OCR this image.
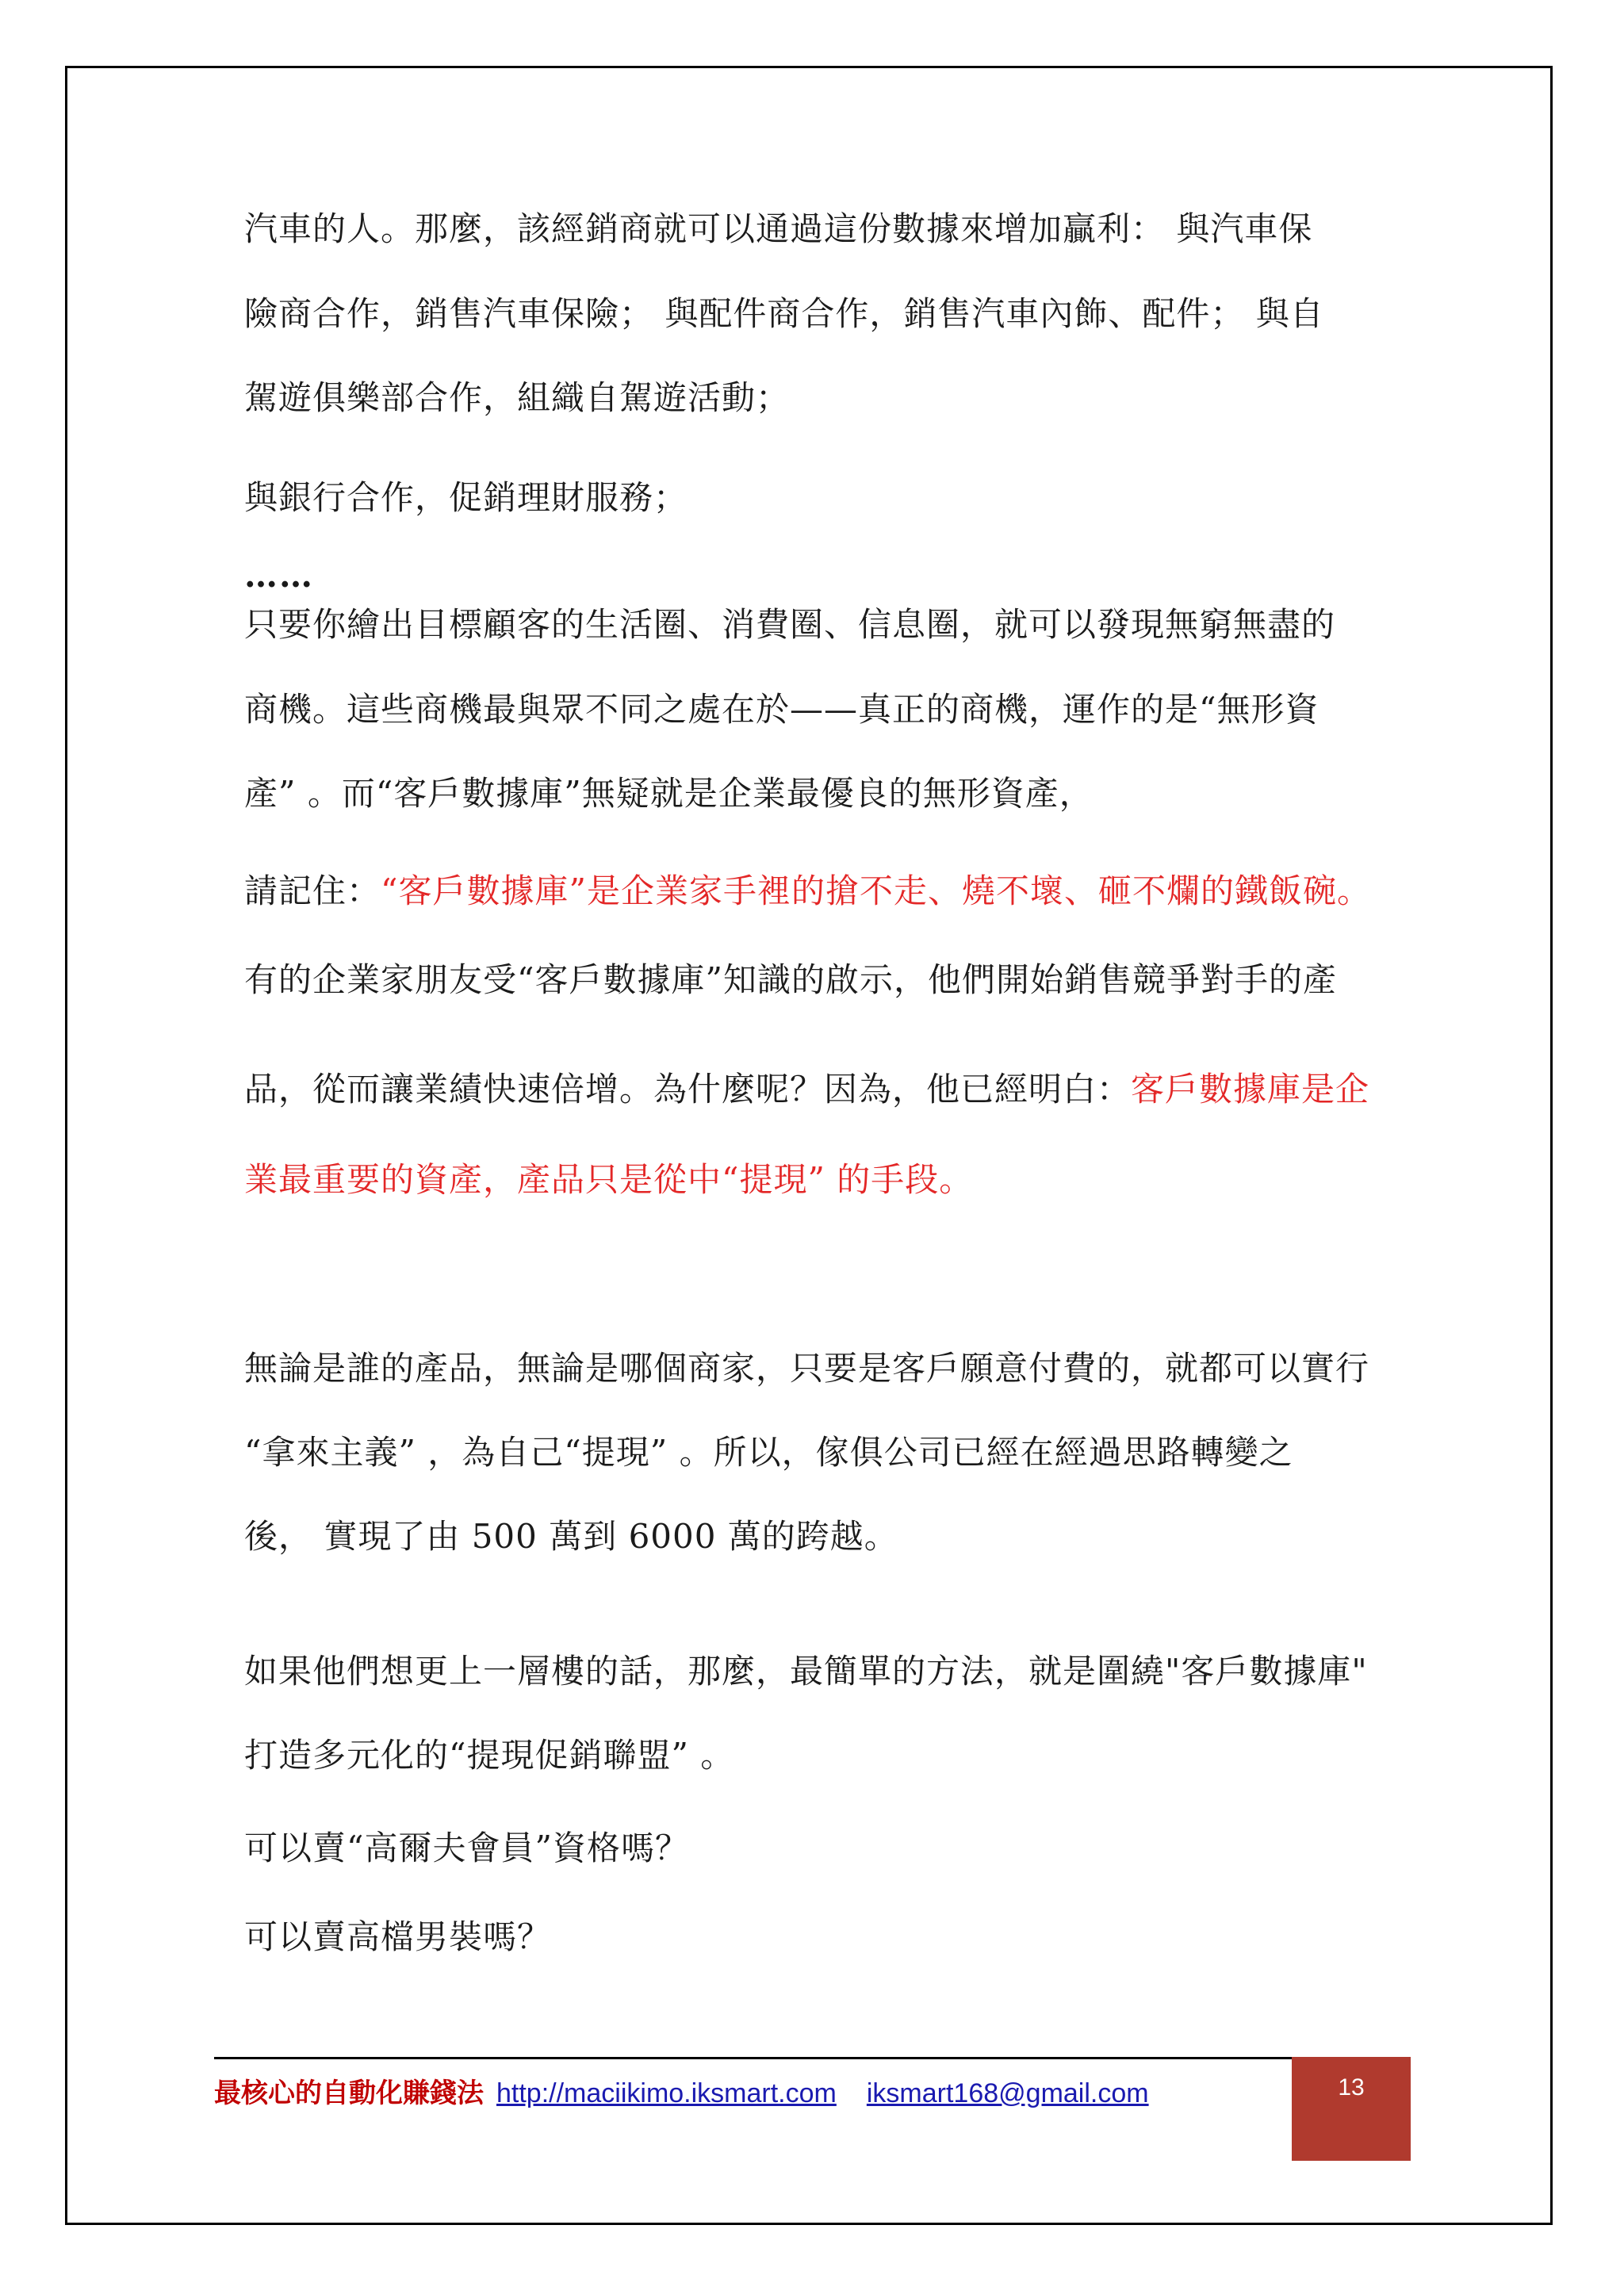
汽車的人。那麼，該經銷商就可以通過這份數據來增加贏利： 與汽車保
險商合作，銷售汽車保險； 與配件商合作，銷售汽車內飾、配件； 與自
駕遊俱樂部合作，組織自駕遊活動；
與銀行合作，促銷理財服務；
……
只要你繪出目標顧客的生活圈、消費圈、信息圈，就可以發現無窮無盡的
商機。這些商機最與眾不同之處在於——真正的商機，運作的是“無形資
產” 。而“客戶數據庫”無疑就是企業最優良的無形資產，
請記住：“客戶數據庫”是企業家手裡的搶不走、燒不壞、砸不爛的鐵飯碗。
有的企業家朋友受“客戶數據庫”知識的啟示，他們開始銷售競爭對手的產
品，從而讓業績快速倍增。為什麼呢？因為，他已經明白：客戶數據庫是企
業最重要的資產，產品只是從中“提現” 的手段。
無論是誰的產品，無論是哪個商家，只要是客戶願意付費的，就都可以實行
“拿來主義” ，為自己“提現” 。所以，傢俱公司已經在經過思路轉變之
後， 實現了由 500 萬到 6000 萬的跨越。
如果他們想更上一層樓的話，那麼，最簡單的方法，就是圍繞"客戶數據庫"
打造多元化的“提現促銷聯盟” 。
可以賣“高爾夫會員”資格嗎？
可以賣高檔男裝嗎？
最核心的自動化賺錢法 http://maciikimo.iksmart.com iksmart168@gmail.com	13
